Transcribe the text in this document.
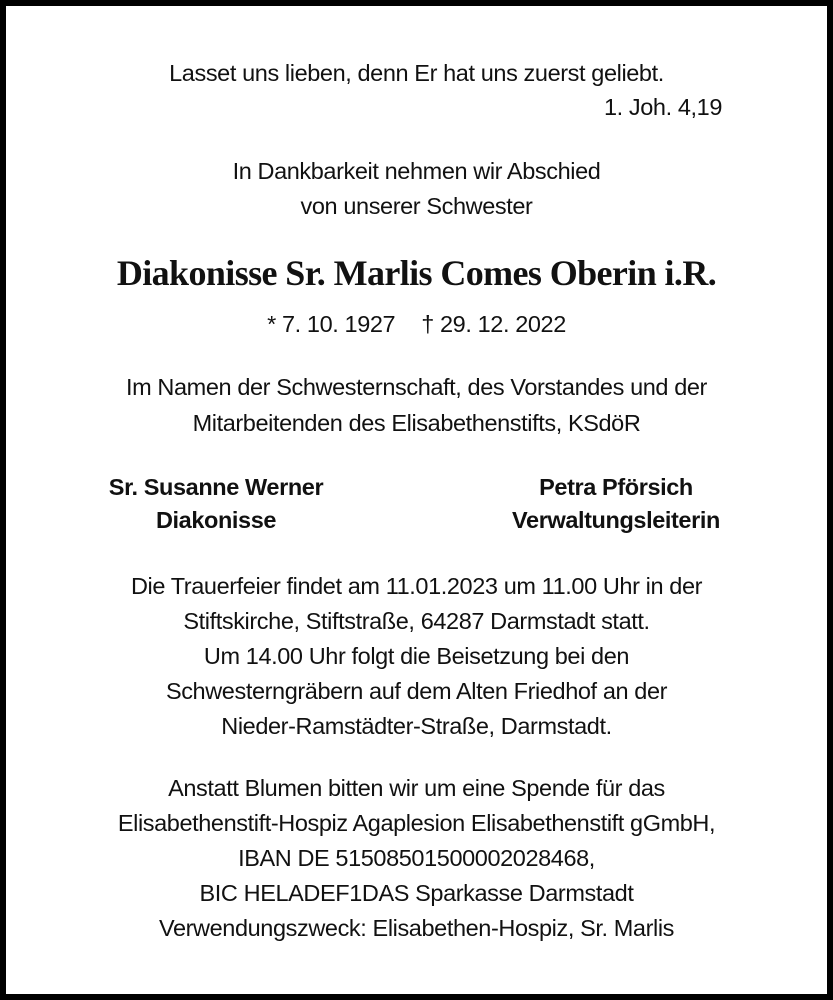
Lasset uns lieben, denn Er hat uns zuerst geliebt.
1. Joh. 4,19
In Dankbarkeit nehmen wir Abschied
von unserer Schwester
Diakonisse Sr. Marlis Comes Oberin i.R.
* 7. 10. 1927 † 29. 12. 2022
Im Namen der Schwesternschaft, des Vorstandes und der
Mitarbeitenden des Elisabethenstifts, KSdöR
Sr. Susanne Werner
Diakonisse
Petra Pförsich
Verwaltungsleiterin
Die Trauerfeier findet am 11.01.2023 um 11.00 Uhr in der
Stiftskirche, Stiftstraße, 64287 Darmstadt statt.
Um 14.00 Uhr folgt die Beisetzung bei den
Schwesterngräbern auf dem Alten Friedhof an der
Nieder-Ramstädter-Straße, Darmstadt.
Anstatt Blumen bitten wir um eine Spende für das
Elisabethenstift-Hospiz Agaplesion Elisabethenstift gGmbH,
IBAN DE 51508501500002028468,
BIC HELADEF1DAS Sparkasse Darmstadt
Verwendungszweck: Elisabethen-Hospiz, Sr. Marlis
